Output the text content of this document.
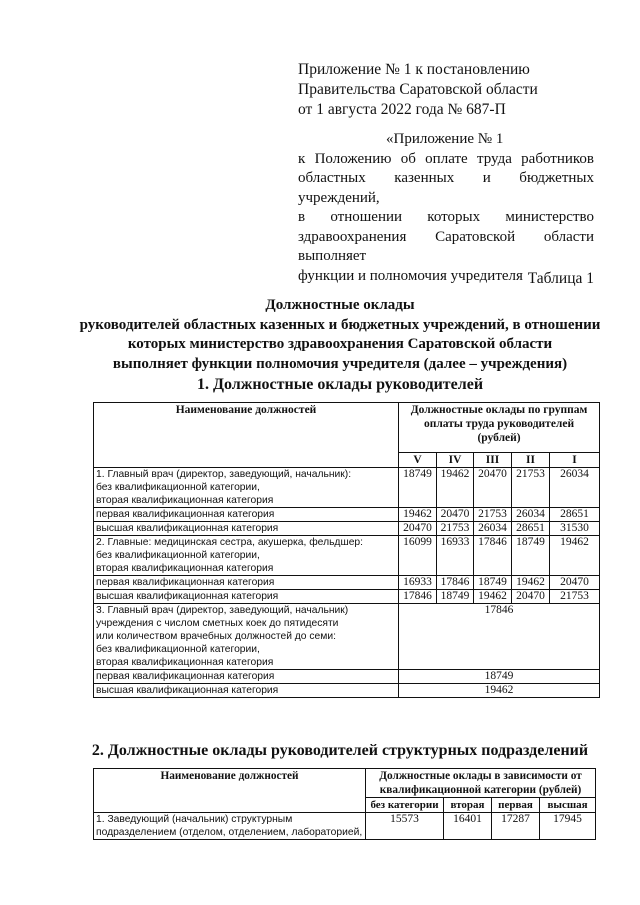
Приложение № 1 к постановлению
Правительства Саратовской области
от 1 августа 2022 года № 687-П
«Приложение № 1
к Положению об оплате труда работников
областных казенных и бюджетных учреждений,
в отношении которых министерство
здравоохранения Саратовской области выполняет
функции и полномочия учредителя Таблица 1
Должностные оклады
руководителей областных казенных и бюджетных учреждений, в отношении
которых министерство здравоохранения Саратовской области
выполняет функции полномочия учредителя (далее – учреждения)
1. Должностные оклады руководителей
Наименование должностей	Должностные оклады по группам оплаты труда руководителей (рублей)				
	V	IV	III	II	I

1. Главный врач (директор, заведующий, начальник):
без квалификационной категории,
вторая квалификационная категория	18749	19462	20470	21753	26034
первая квалификационная категория	19462	20470	21753	26034	28651
высшая квалификационная категория	20470	21753	26034	28651	31530

2. Главные: медицинская сестра, акушерка, фельдшер:
без квалификационной категории,
вторая квалификационная категория	16099	16933	17846	18749	19462
первая квалификационная категория	16933	17846	18749	19462	20470
высшая квалификационная категория	17846	18749	19462	20470	21753

3. Главный врач (директор, заведующий, начальник)
учреждения с числом сметных коек до пятидесяти
или количеством врачебных должностей до семи:
без квалификационной категории,
вторая квалификационная категория	17846				
первая квалификационная категория	18749				
высшая квалификационная категория	19462				
2. Должностные оклады руководителей структурных подразделений
Наименование должностей	Должностные оклады в зависимости от квалификационной категории (рублей)			
	без категории	вторая	первая	высшая

1. Заведующий (начальник) структурным
подразделением (отделом, отделением, лабораторией,	15573	16401	17287	17945
